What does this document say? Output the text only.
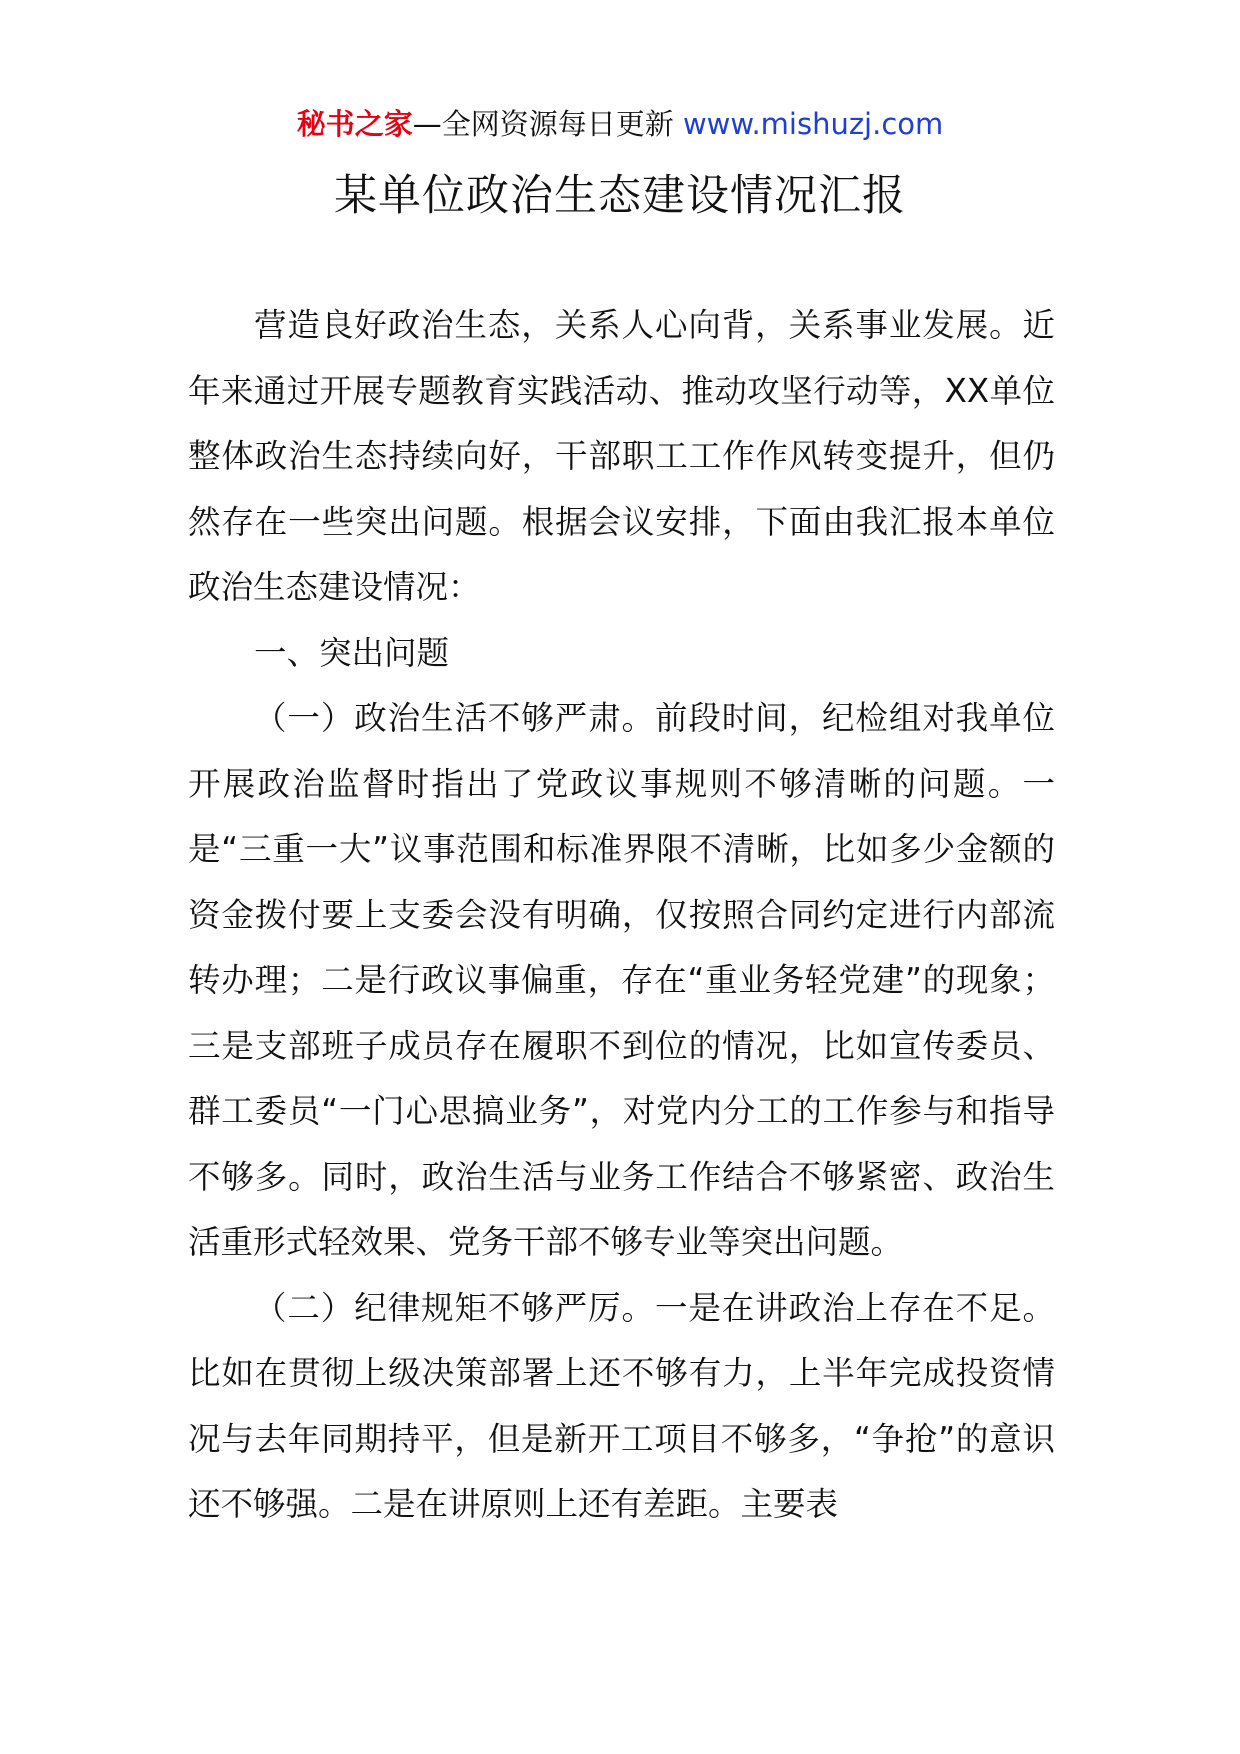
秘书之家—全网资源每日更新 www.mishuzj.com
某单位政治生态建设情况汇报

营造良好政治生态，关系人心向背，关系事业发展。近年来通过开展专题教育实践活动、推动攻坚行动等，XX单位整体政治生态持续向好，干部职工工作作风转变提升，但仍然存在一些突出问题。根据会议安排，下面由我汇报本单位政治生态建设情况：

一、突出问题

（一）政治生活不够严肃。前段时间，纪检组对我单位开展政治监督时指出了党政议事规则不够清晰的问题。一是“三重一大”议事范围和标准界限不清晰，比如多少金额的资金拨付要上支委会没有明确，仅按照合同约定进行内部流转办理；二是行政议事偏重，存在“重业务轻党建”的现象；三是支部班子成员存在履职不到位的情况，比如宣传委员、群工委员“一门心思搞业务”，对党内分工的工作参与和指导不够多。同时，政治生活与业务工作结合不够紧密、政治生活重形式轻效果、党务干部不够专业等突出问题。

（二）纪律规矩不够严厉。一是在讲政治上存在不足。比如在贯彻上级决策部署上还不够有力，上半年完成投资情况与去年同期持平，但是新开工项目不够多，“争抢”的意识还不够强。二是在讲原则上还有差距。主要表
